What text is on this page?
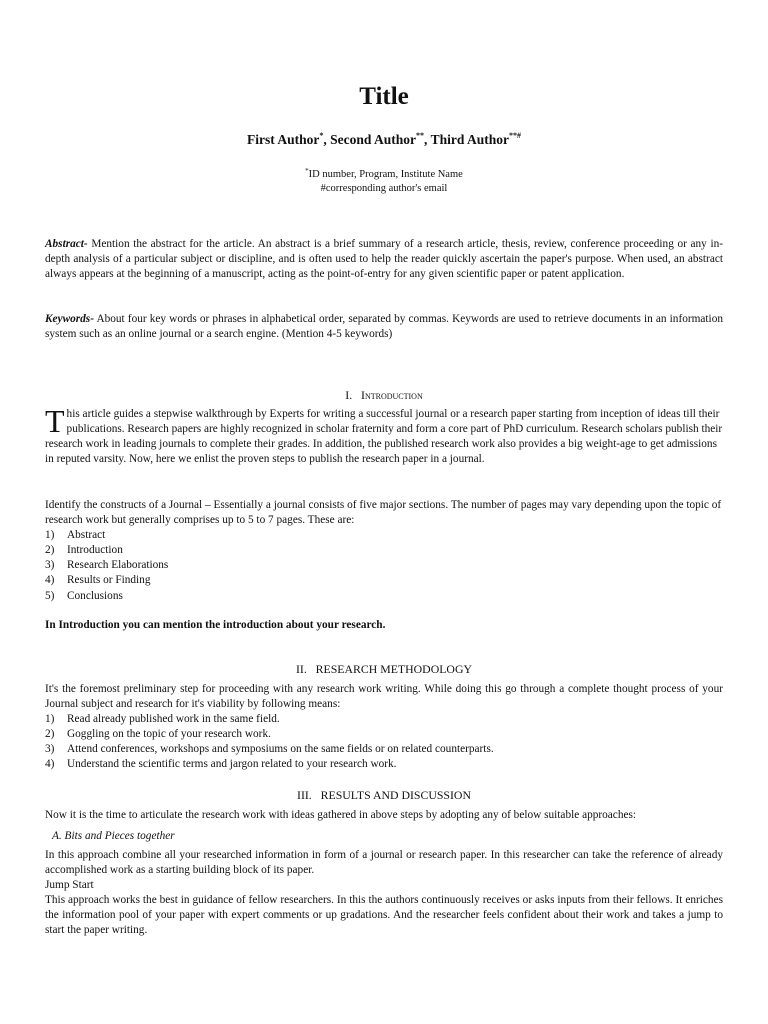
Title
First Author*, Second Author**, Third Author**#
*ID number, Program, Institute Name
#corresponding author's email
Abstract- Mention the abstract for the article. An abstract is a brief summary of a research article, thesis, review, conference proceeding or any in-depth analysis of a particular subject or discipline, and is often used to help the reader quickly ascertain the paper's purpose. When used, an abstract always appears at the beginning of a manuscript, acting as the point-of-entry for any given scientific paper or patent application.
Keywords- About four key words or phrases in alphabetical order, separated by commas. Keywords are used to retrieve documents in an information system such as an online journal or a search engine. (Mention 4-5 keywords)
I. Introduction
This article guides a stepwise walkthrough by Experts for writing a successful journal or a research paper starting from inception of ideas till their publications. Research papers are highly recognized in scholar fraternity and form a core part of PhD curriculum. Research scholars publish their research work in leading journals to complete their grades. In addition, the published research work also provides a big weight-age to get admissions in reputed varsity. Now, here we enlist the proven steps to publish the research paper in a journal.
Identify the constructs of a Journal – Essentially a journal consists of five major sections. The number of pages may vary depending upon the topic of research work but generally comprises up to 5 to 7 pages. These are:
1) Abstract
2) Introduction
3) Research Elaborations
4) Results or Finding
5) Conclusions
In Introduction you can mention the introduction about your research.
II. RESEARCH METHODOLOGY
It's the foremost preliminary step for proceeding with any research work writing. While doing this go through a complete thought process of your Journal subject and research for it's viability by following means:
1) Read already published work in the same field.
2) Goggling on the topic of your research work.
3) Attend conferences, workshops and symposiums on the same fields or on related counterparts.
4) Understand the scientific terms and jargon related to your research work.
III. RESULTS AND DISCUSSION
Now it is the time to articulate the research work with ideas gathered in above steps by adopting any of below suitable approaches:
A. Bits and Pieces together
In this approach combine all your researched information in form of a journal or research paper. In this researcher can take the reference of already accomplished work as a starting building block of its paper.
Jump Start
This approach works the best in guidance of fellow researchers. In this the authors continuously receives or asks inputs from their fellows. It enriches the information pool of your paper with expert comments or up gradations. And the researcher feels confident about their work and takes a jump to start the paper writing.
